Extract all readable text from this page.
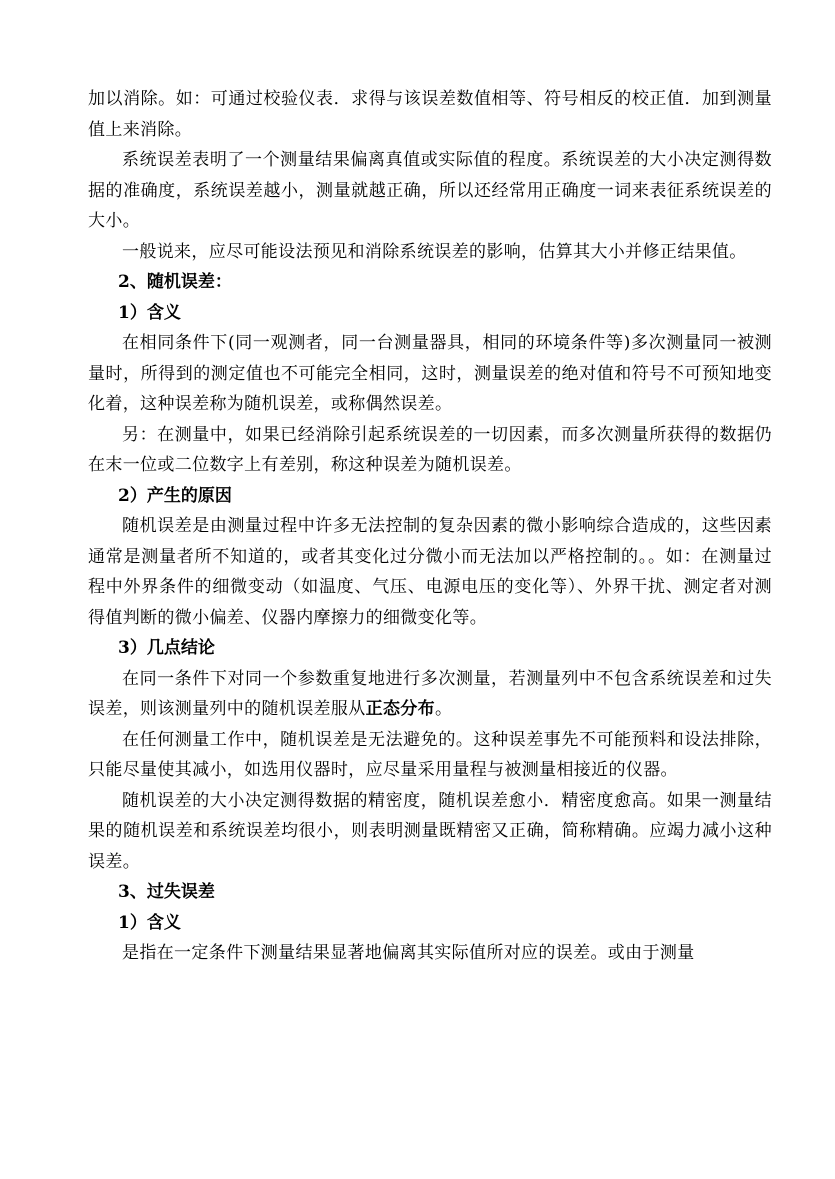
加以消除。如：可通过校验仪表．求得与该误差数值相等、符号相反的校正值．加到测量值上来消除。

系统误差表明了一个测量结果偏离真值或实际值的程度。系统误差的大小决定测得数据的准确度，系统误差越小，测量就越正确，所以还经常用正确度一词来表征系统误差的大小。

一般说来，应尽可能设法预见和消除系统误差的影响，估算其大小并修正结果值。

2、随机误差：

1）含义

在相同条件下(同一观测者，同一台测量器具，相同的环境条件等)多次测量同一被测量时，所得到的测定值也不可能完全相同，这时，测量误差的绝对值和符号不可预知地变化着，这种误差称为随机误差，或称偶然误差。

另：在测量中，如果已经消除引起系统误差的一切因素，而多次测量所获得的数据仍在末一位或二位数字上有差别，称这种误差为随机误差。

2）产生的原因

随机误差是由测量过程中许多无法控制的复杂因素的微小影响综合造成的，这些因素通常是测量者所不知道的，或者其变化过分微小而无法加以严格控制的。。如：在测量过程中外界条件的细微变动（如温度、气压、电源电压的变化等）、外界干扰、测定者对测得值判断的微小偏差、仪器内摩擦力的细微变化等。

3）几点结论

在同一条件下对同一个参数重复地进行多次测量，若测量列中不包含系统误差和过失误差，则该测量列中的随机误差服从正态分布。

在任何测量工作中，随机误差是无法避免的。这种误差事先不可能预料和设法排除，只能尽量使其减小，如选用仪器时，应尽量采用量程与被测量相接近的仪器。

随机误差的大小决定测得数据的精密度，随机误差愈小．精密度愈高。如果一测量结果的随机误差和系统误差均很小，则表明测量既精密又正确，简称精确。应竭力减小这种误差。

3、过失误差

1）含义

是指在一定条件下测量结果显著地偏离其实际值所对应的误差。或由于测量
